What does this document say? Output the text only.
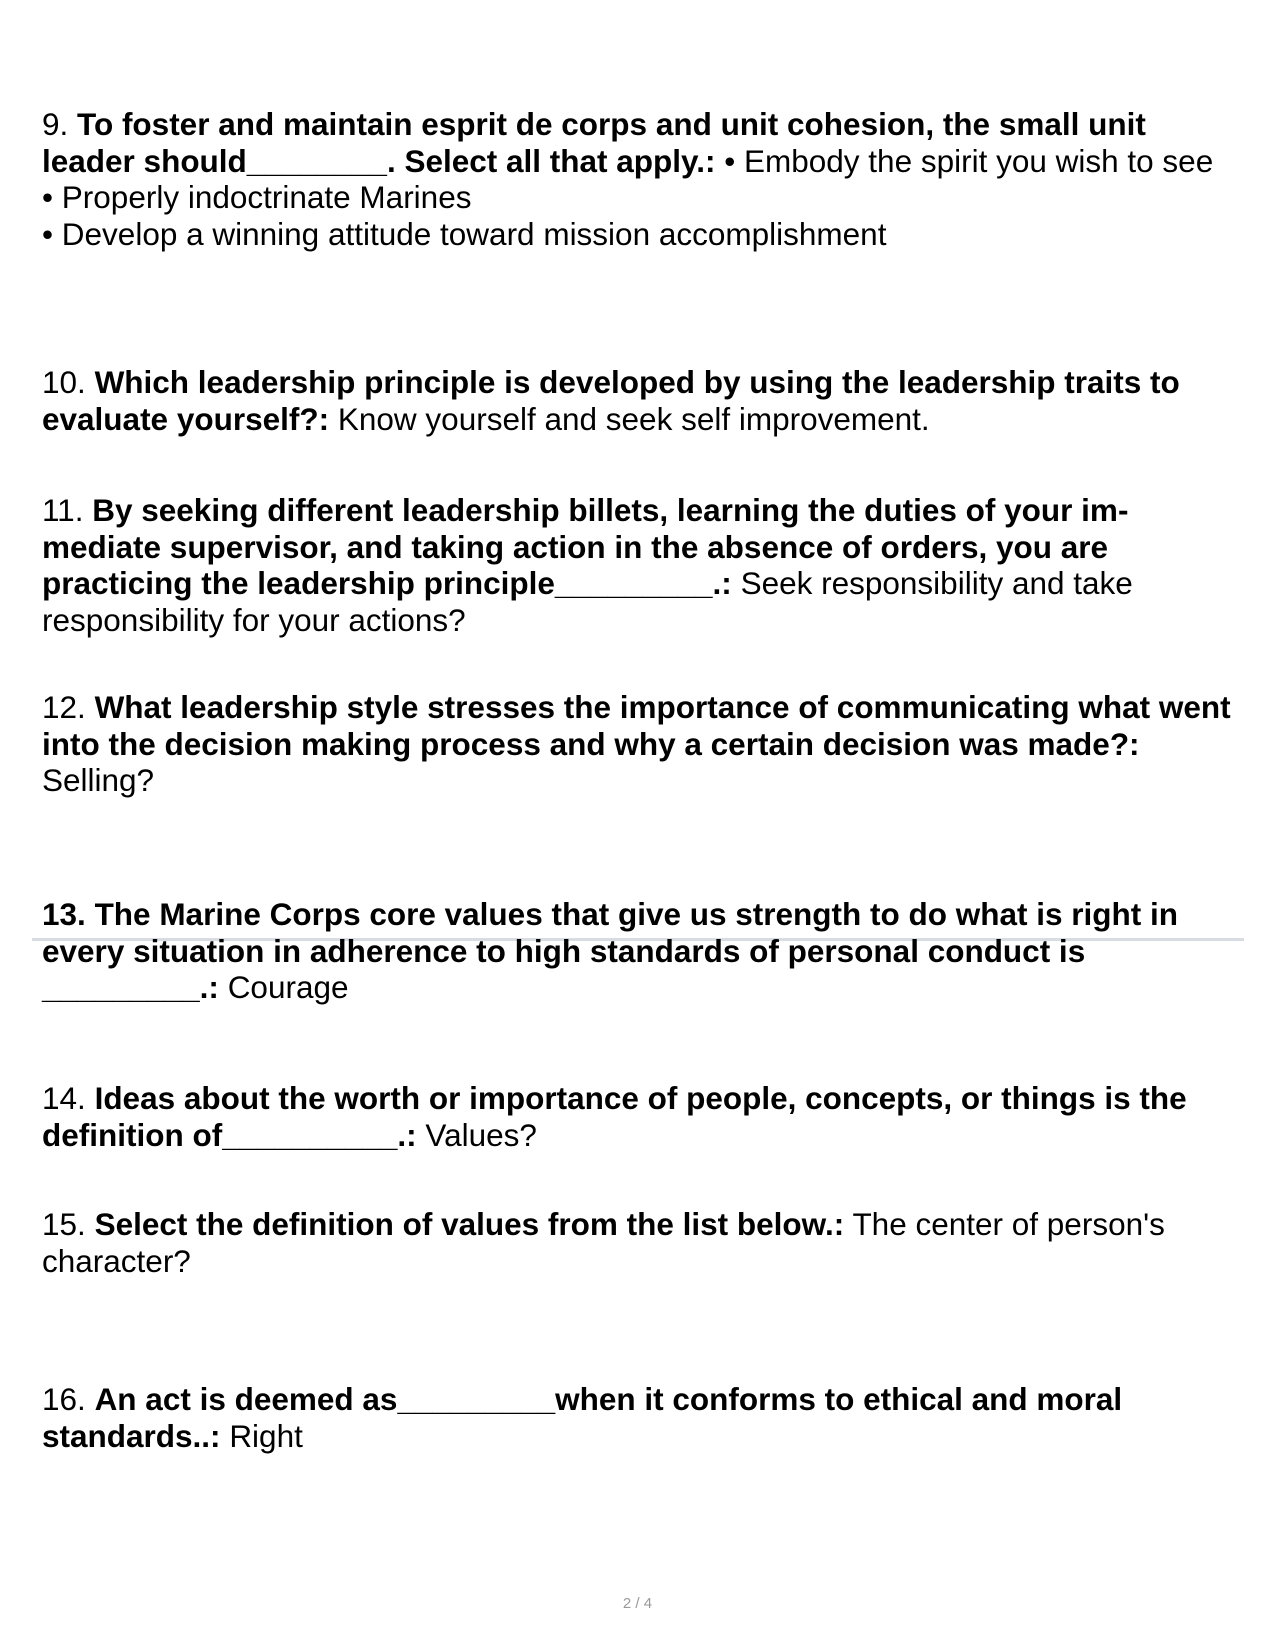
9. To foster and maintain esprit de corps and unit cohesion, the small unit leader should________. Select all that apply.: • Embody the spirit you wish to see
• Properly indoctrinate Marines
• Develop a winning attitude toward mission accomplishment

10. Which leadership principle is developed by using the leadership traits to evaluate yourself?: Know yourself and seek self improvement.

11. By seeking different leadership billets, learning the duties of your im- mediate supervisor, and taking action in the absence of orders, you are practicing the leadership principle_________.: Seek responsibility and take responsibility for your actions?

12. What leadership style stresses the importance of communicating what went into the decision making process and why a certain decision was made?: Selling?

13. The Marine Corps core values that give us strength to do what is right in every situation in adherence to high standards of personal conduct is _________.: Courage

14. Ideas about the worth or importance of people, concepts, or things is the definition of__________.: Values?

15. Select the definition of values from the list below.: The center of person's character?

16. An act is deemed as_________when it conforms to ethical and moral standards..: Right

2 / 4
